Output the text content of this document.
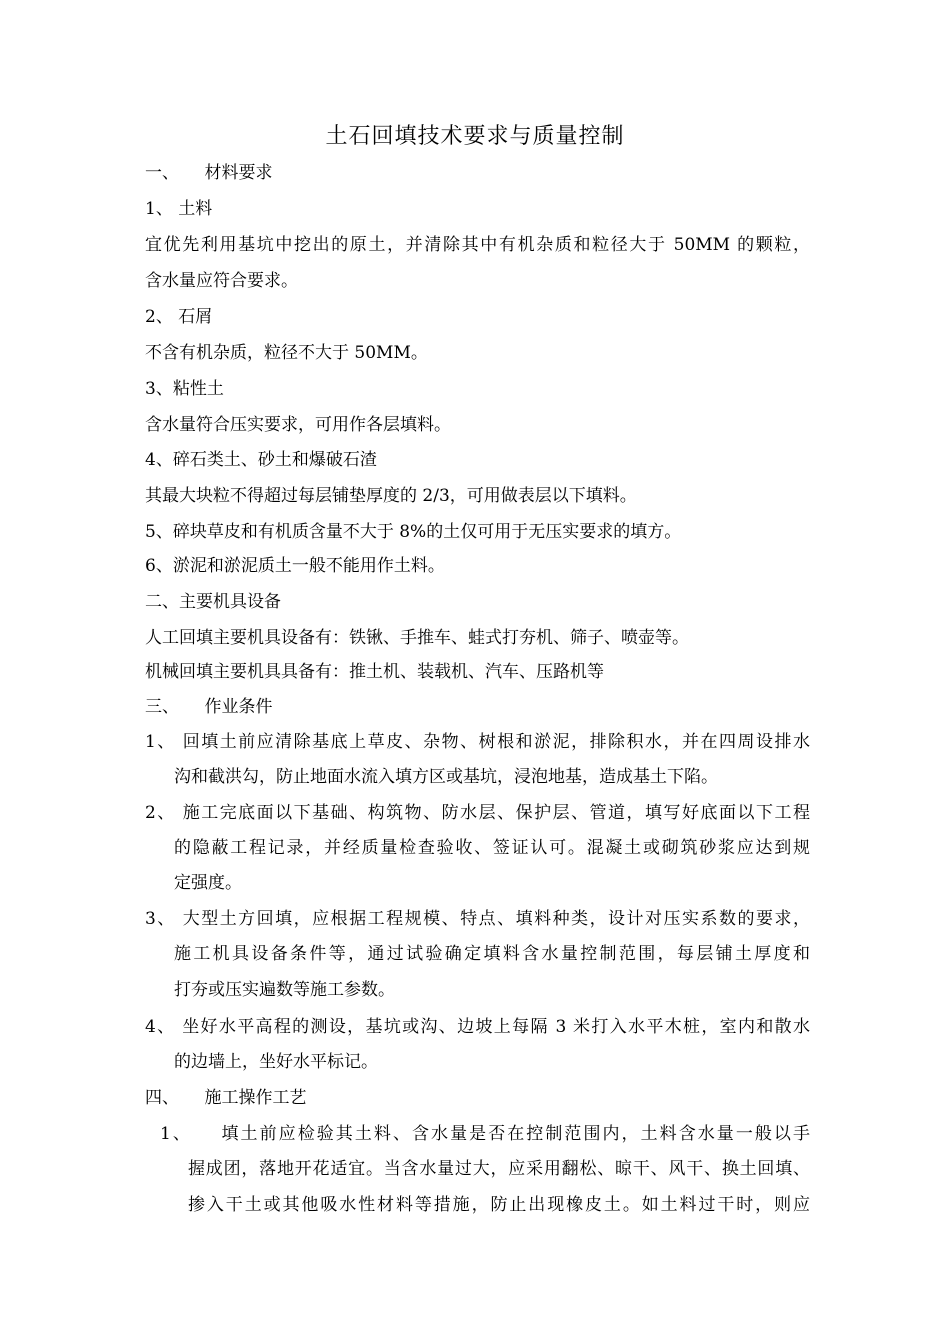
土石回填技术要求与质量控制
一、　　材料要求
1、 土料
宜优先利用基坑中挖出的原土，并清除其中有机杂质和粒径大于 50MM 的颗粒，
含水量应符合要求。
2、 石屑
不含有机杂质，粒径不大于 50MM。
3、粘性土
含水量符合压实要求，可用作各层填料。
4、碎石类土、砂土和爆破石渣
其最大块粒不得超过每层铺垫厚度的 2/3，可用做表层以下填料。
5、碎块草皮和有机质含量不大于 8%的土仅可用于无压实要求的填方。
6、淤泥和淤泥质土一般不能用作土料。
二、主要机具设备
人工回填主要机具设备有：铁锹、手推车、蛙式打夯机、筛子、喷壶等。
机械回填主要机具具备有：推土机、装载机、汽车、压路机等
三、　　作业条件
1、 回填土前应清除基底上草皮、杂物、树根和淤泥，排除积水，并在四周设排水
沟和截洪勾，防止地面水流入填方区或基坑，浸泡地基，造成基土下陷。
2、 施工完底面以下基础、构筑物、防水层、保护层、管道，填写好底面以下工程
的隐蔽工程记录，并经质量检查验收、签证认可。混凝土或砌筑砂浆应达到规
定强度。
3、 大型土方回填，应根据工程规模、特点、填料种类，设计对压实系数的要求，
施工机具设备条件等，通过试验确定填料含水量控制范围，每层铺土厚度和
打夯或压实遍数等施工参数。
4、 坐好水平高程的测设，基坑或沟、边坡上每隔 3 米打入水平木桩，室内和散水
的边墙上，坐好水平标记。
四、　　施工操作工艺
1、　　填土前应检验其土料、含水量是否在控制范围内，土料含水量一般以手
握成团，落地开花适宜。当含水量过大，应采用翻松、晾干、风干、换土回填、
掺入干土或其他吸水性材料等措施，防止出现橡皮土。如土料过干时，则应
